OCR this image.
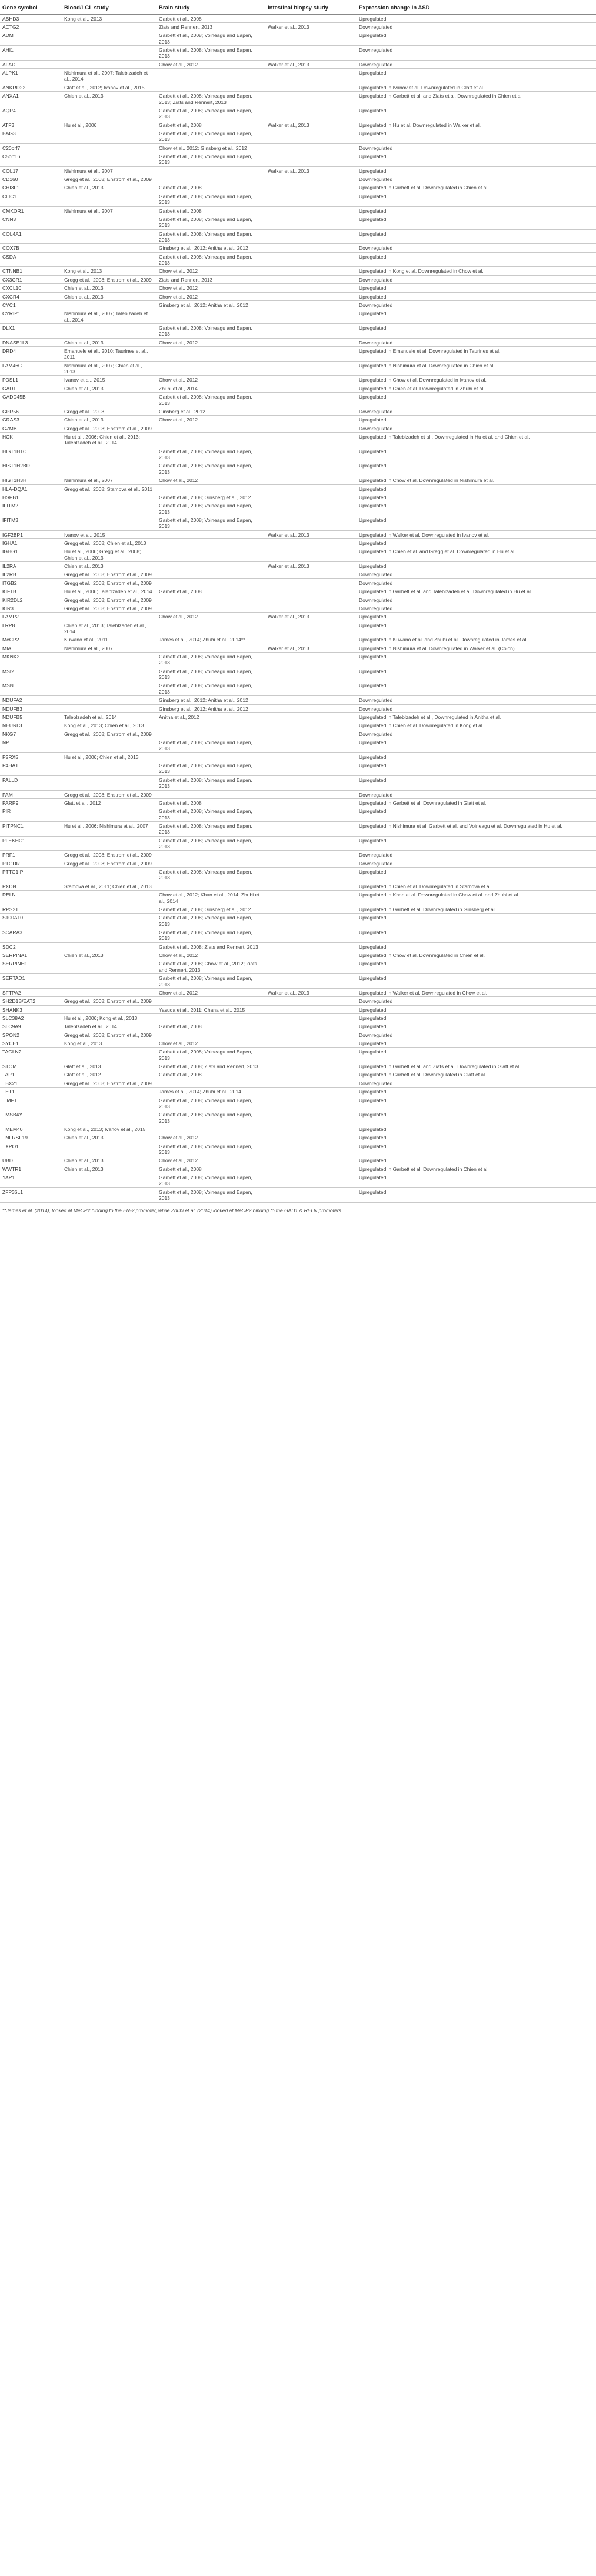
Gene symbol	Blood/LCL study	Brain study	Intestinal biopsy study	Expression change in ASD
ABHD3	Kong et al., 2013	Garbett et al., 2008		Upregulated
ACTG2		Ziats and Rennert, 2013	Walker et al., 2013	Downregulated
ADM		Garbett et al., 2008; Voineagu and Eapen, 2013		Upregulated
AHI1		Garbett et al., 2008; Voineagu and Eapen, 2013		Downregulated
ALAD		Chow et al., 2012	Walker et al., 2013	Downregulated
ALPK1	Nishimura et al., 2007; Taleblzadeh et al., 2014			Upregulated
ANKRD22	Glatt et al., 2012; Ivanov et al., 2015			Upregulated in Ivanov et al. Downregulated in Glatt et al.
ANXA1	Chien et al., 2013	Garbett et al., 2008; Voineagu and Eapen, 2013; Ziats and Rennert, 2013		Upregulated in Garbett et al. and Ziats et al. Downregulated in Chien et al.
AQP4		Garbett et al., 2008; Voineagu and Eapen, 2013		Upregulated
ATF3	Hu et al., 2006	Garbett et al., 2008	Walker et al., 2013	Upregulated in Hu et al. Downregulated in Walker et al.
BAG3		Garbett et al., 2008; Voineagu and Eapen, 2013		Upregulated
C20orf7		Chow et al., 2012; Ginsberg et al., 2012		Downregulated
C5orf16		Garbett et al., 2008; Voineagu and Eapen, 2013		Upregulated
COL17	Nishimura et al., 2007		Walker et al., 2013	Upregulated
CD160	Gregg et al., 2008; Enstrom et al., 2009			Downregulated
CHI3L1	Chien et al., 2013	Garbett et al., 2008		Upregulated in Garbett et al. Downregulated in Chien et al.
CLIC1		Garbett et al., 2008; Voineagu and Eapen, 2013		Upregulated
CMKOR1	Nishimura et al., 2007	Garbett et al., 2008		Upregulated
CNN3		Garbett et al., 2008; Voineagu and Eapen, 2013		Upregulated
COL4A1		Garbett et al., 2008; Voineagu and Eapen, 2013		Upregulated
COX7B		Ginsberg et al., 2012; Anitha et al., 2012		Downregulated
CSDA		Garbett et al., 2008; Voineagu and Eapen, 2013		Upregulated
CTNNB1	Kong et al., 2013	Chow et al., 2012		Upregulated in Kong et al. Downregulated in Chow et al.
CX3CR1	Gregg et al., 2008; Enstrom et al., 2009	Ziats and Rennert, 2013		Downregulated
CXCL10	Chien et al., 2013	Chow et al., 2012		Upregulated
CXCR4	Chien et al., 2013	Chow et al., 2012		Upregulated
CYC1		Ginsberg et al., 2012; Anitha et al., 2012		Downregulated
CYRIP1	Nishimura et al., 2007; Taleblzadeh et al., 2014			Upregulated
DLX1		Garbett et al., 2008; Voineagu and Eapen, 2013		Upregulated
DNASE1L3	Chien et al., 2013	Chow et al., 2012		Downregulated
DRD4	Emanuele et al., 2010; Taurines et al., 2011			Upregulated in Emanuele et al. Downregulated in Taurines et al.
FAM46C	Nishimura et al., 2007; Chien et al., 2013			Upregulated in Nishimura et al. Downregulated in Chien et al.
FOSL1	Ivanov et al., 2015	Chow et al., 2012		Upregulated in Chow et al. Downregulated in Ivanov et al.
GAD1	Chien et al., 2013	Zhubi et al., 2014		Upregulated in Chien et al. Downregulated in Zhubi et al.
GADD45B		Garbett et al., 2008; Voineagu and Eapen, 2013		Upregulated
GPR56	Gregg et al., 2008	Ginsberg et al., 2012		Downregulated
GRAS3	Chien et al., 2013	Chow et al., 2012		Upregulated
GZMB	Gregg et al., 2008; Enstrom et al., 2009			Downregulated
HCK	Hu et al., 2006; Chien et al., 2013; Taleblzadeh et al., 2014			Upregulated in Taleblzadeh et al., Downregulated in Hu et al. and Chien et al.
HIST1H1C		Garbett et al., 2008; Voineagu and Eapen, 2013		Upregulated
HIST1H2BD		Garbett et al., 2008; Voineagu and Eapen, 2013		Upregulated
HIST1H3H	Nishimura et al., 2007	Chow et al., 2012		Upregulated in Chow et al. Downregulated in Nishimura et al.
HLA-DQA1	Gregg et al., 2008; Stamova et al., 2011			Upregulated
HSPB1		Garbett et al., 2008; Ginsberg et al., 2012		Upregulated
IFITM2		Garbett et al., 2008; Voineagu and Eapen, 2013		Upregulated
IFITM3		Garbett et al., 2008; Voineagu and Eapen, 2013		Upregulated
IGF2BP1	Ivanov et al., 2015		Walker et al., 2013	Upregulated in Walker et al. Downregulated in Ivanov et al.
IGHA1	Gregg et al., 2008; Chien et al., 2013			Upregulated
IGHG1	Hu et al., 2006; Gregg et al., 2008; Chien et al., 2013			Upregulated in Chien et al. and Gregg et al. Downregulated in Hu et al.
IL2RA	Chien et al., 2013		Walker et al., 2013	Upregulated
IL2RB	Gregg et al., 2008; Enstrom et al., 2009			Downregulated
ITGB2	Gregg et al., 2008; Enstrom et al., 2009			Downregulated
KIF1B	Hu et al., 2006; Taleblzadeh et al., 2014	Garbett et al., 2008		Upregulated in Garbett et al. and Taleblzadeh et al. Downregulated in Hu et al.
KIR2DL2	Gregg et al., 2008; Enstrom et al., 2009			Downregulated
KIR3	Gregg et al., 2008; Enstrom et al., 2009			Downregulated
LAMP2		Chow et al., 2012	Walker et al., 2013	Upregulated
LRP8	Chien et al., 2013; Taleblzadeh et al., 2014			Upregulated
MeCP2	Kuwano et al., 2011	James et al., 2014; Zhubi et al., 2014**		Upregulated in Kuwano et al. and Zhubi et al. Downregulated in James et al.
MIA	Nishimura et al., 2007		Walker et al., 2013	Upregulated in Nishimura et al. Downregulated in Walker et al. (Colon)
MKNK2		Garbett et al., 2008; Voineagu and Eapen, 2013		Upregulated
MSI2		Garbett et al., 2008; Voineagu and Eapen, 2013		Upregulated
MSN		Garbett et al., 2008; Voineagu and Eapen, 2013		Upregulated
NDUFA2		Ginsberg et al., 2012; Anitha et al., 2012		Downregulated
NDUFB3		Ginsberg et al., 2012; Anitha et al., 2012		Downregulated
NDUFB5	Taleblzadeh et al., 2014	Anitha et al., 2012		Upregulated in Taleblzadeh et al., Downregulated in Anitha et al.
NEURL3	Kong et al., 2013; Chien et al., 2013			Upregulated in Chien et al. Downregulated in Kong et al.
NKG7	Gregg et al., 2008; Enstrom et al., 2009			Downregulated
NP		Garbett et al., 2008; Voineagu and Eapen, 2013		Upregulated
P2RX5	Hu et al., 2006; Chien et al., 2013			Upregulated
P4HA1		Garbett et al., 2008; Voineagu and Eapen, 2013		Upregulated
PALLD		Garbett et al., 2008; Voineagu and Eapen, 2013		Upregulated
PAM	Gregg et al., 2008; Enstrom et al., 2009			Downregulated
PARP9	Glatt et al., 2012	Garbett et al., 2008		Upregulated in Garbett et al. Downregulated in Glatt et al.
PIR		Garbett et al., 2008; Voineagu and Eapen, 2013		Upregulated
PITPNC1	Hu et al., 2006; Nishimura et al., 2007	Garbett et al., 2008; Voineagu and Eapen, 2013		Upregulated in Nishimura et al. Garbett et al. and Voineagu et al. Downregulated in Hu et al.
PLEKHC1		Garbett et al., 2008; Voineagu and Eapen, 2013		Upregulated
PRF1	Gregg et al., 2008; Enstrom et al., 2009			Downregulated
PTGDR	Gregg et al., 2008; Enstrom et al., 2009			Downregulated
PTTG1IP		Garbett et al., 2008; Voineagu and Eapen, 2013		Upregulated
PXDN	Stamova et al., 2011; Chien et al., 2013			Upregulated in Chien et al. Downregulated in Stamova et al.
RELN		Chow et al., 2012; Khan et al., 2014; Zhubi et al., 2014		Upregulated in Khan et al. Downregulated in Chow et al. and Zhubi et al.
RPS21		Garbett et al., 2008; Ginsberg et al., 2012		Upregulated in Garbett et al. Downregulated in Ginsberg et al.
S100A10		Garbett et al., 2008; Voineagu and Eapen, 2013		Upregulated
SCARA3		Garbett et al., 2008; Voineagu and Eapen, 2013		Upregulated
SDC2		Garbett et al., 2008; Ziats and Rennert, 2013		Upregulated
SERPINA1	Chien et al., 2013	Chow et al., 2012		Upregulated in Chow et al. Downregulated in Chien et al.
SERPINH1		Garbett et al., 2008; Chow et al., 2012; Ziats and Rennert, 2013		Upregulated
SERTAD1		Garbett et al., 2008; Voineagu and Eapen, 2013		Upregulated
SFTPA2		Chow et al., 2012	Walker et al., 2013	Upregulated in Walker et al. Downregulated in Chow et al.
SH2D1B/EAT2	Gregg et al., 2008; Enstrom et al., 2009			Downregulated
SHANK3		Yasuda et al., 2011; Chana et al., 2015		Upregulated
SLC38A2	Hu et al., 2006; Kong et al., 2013			Upregulated
SLC9A9	Taleblzadeh et al., 2014	Garbett et al., 2008		Upregulated
SPON2	Gregg et al., 2008; Enstrom et al., 2009			Downregulated
SYCE1	Kong et al., 2013	Chow et al., 2012		Upregulated
TAGLN2		Garbett et al., 2008; Voineagu and Eapen, 2013		Upregulated
STOM	Glatt et al., 2013	Garbett et al., 2008; Ziats and Rennert, 2013		Upregulated in Garbett et al. and Ziats et al. Downregulated in Glatt et al.
TAP1	Glatt et al., 2012	Garbett et al., 2008		Upregulated in Garbett et al. Downregulated in Glatt et al.
TBX21	Gregg et al., 2008; Enstrom et al., 2009			Downregulated
TET1		James et al., 2014; Zhubi et al., 2014		Upregulated
TIMP1		Garbett et al., 2008; Voineagu and Eapen, 2013		Upregulated
TMSB4Y		Garbett et al., 2008; Voineagu and Eapen, 2013		Upregulated
TMEM40	Kong et al., 2013; Ivanov et al., 2015			Upregulated
TNFRSF19	Chien et al., 2013	Chow et al., 2012		Upregulated
TXPO1		Garbett et al., 2008; Voineagu and Eapen, 2013		Upregulated
UBD	Chien et al., 2013	Chow et al., 2012		Upregulated
WWTR1	Chien et al., 2013	Garbett et al., 2008		Upregulated in Garbett et al. Downregulated in Chien et al.
YAP1		Garbett et al., 2008; Voineagu and Eapen, 2013		Upregulated
ZFP36L1		Garbett et al., 2008; Voineagu and Eapen, 2013		Upregulated
**James et al. (2014), looked at MeCP2 binding to the EN-2 promoter, while Zhubi et al. (2014) looked at MeCP2 binding to the GAD1 & RELN promoters.
